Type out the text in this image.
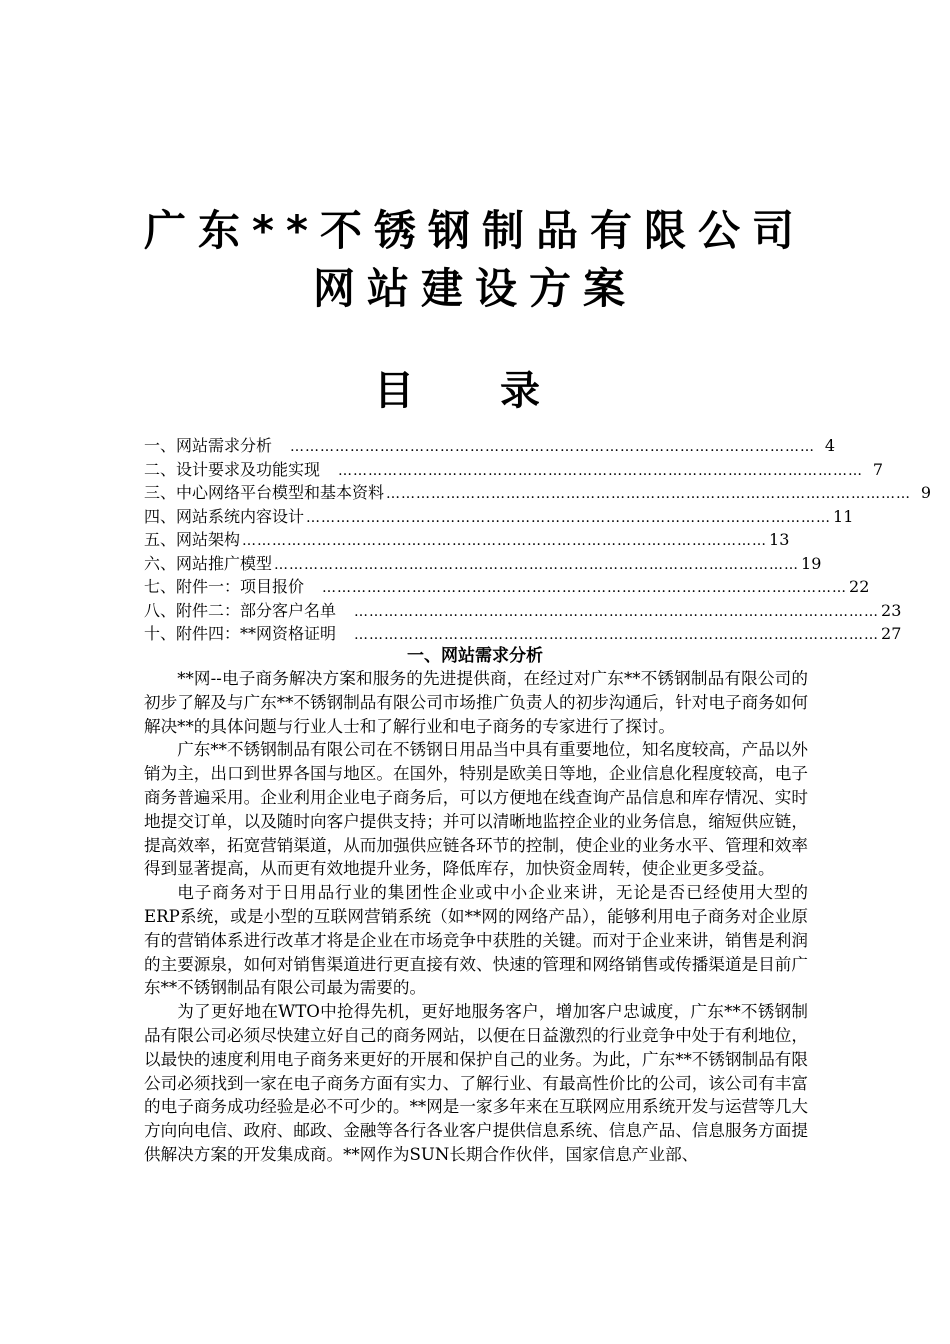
广东**不锈钢制品有限公司
网站建设方案
目 录
一、网站需求分析 …………………………………………………………………………………………… 4
二、设计要求及功能实现 …………………………………………………………………………………………… 7
三、中心网络平台模型和基本资料 …………………………………………………………………………………………… 9
四、网站系统内容设计 …………………………………………………………………………………………… 11
五、网站架构 …………………………………………………………………………………………… 13
六、网站推广模型 …………………………………………………………………………………………… 19
七、附件一：项目报价 …………………………………………………………………………………………… 22
八、附件二：部分客户名单 …………………………………………………………………………………………… 23
十、附件四：**网资格证明 …………………………………………………………………………………………… 27
一、网站需求分析

**网--电子商务解决方案和服务的先进提供商，在经过对广东**不锈钢制品有限公司的初步了解及与广东**不锈钢制品有限公司市场推广负责人的初步沟通后，针对电子商务如何解决**的具体问题与行业人士和了解行业和电子商务的专家进行了探讨。

广东**不锈钢制品有限公司在不锈钢日用品当中具有重要地位，知名度较高，产品以外销为主，出口到世界各国与地区。在国外，特别是欧美日等地，企业信息化程度较高，电子商务普遍采用。企业利用企业电子商务后，可以方便地在线查询产品信息和库存情况、实时地提交订单，以及随时向客户提供支持；并可以清晰地监控企业的业务信息，缩短供应链，提高效率，拓宽营销渠道，从而加强供应链各环节的控制，使企业的业务水平、管理和效率得到显著提高，从而更有效地提升业务，降低库存，加快资金周转，使企业更多受益。

电子商务对于日用品行业的集团性企业或中小企业来讲，无论是否已经使用大型的ERP系统，或是小型的互联网营销系统（如**网的网络产品），能够利用电子商务对企业原有的营销体系进行改革才将是企业在市场竞争中获胜的关键。而对于企业来讲，销售是利润的主要源泉，如何对销售渠道进行更直接有效、快速的管理和网络销售或传播渠道是目前广东**不锈钢制品有限公司最为需要的。

为了更好地在WTO中抢得先机，更好地服务客户，增加客户忠诚度，广东**不锈钢制品有限公司必须尽快建立好自己的商务网站，以便在日益激烈的行业竞争中处于有利地位，以最快的速度利用电子商务来更好的开展和保护自己的业务。为此，广东**不锈钢制品有限公司必须找到一家在电子商务方面有实力、了解行业、有最高性价比的公司，该公司有丰富的电子商务成功经验是必不可少的。**网是一家多年来在互联网应用系统开发与运营等几大方向向电信、政府、邮政、金融等各行各业客户提供信息系统、信息产品、信息服务方面提供解决方案的开发集成商。**网作为SUN长期合作伙伴，国家信息产业部、
